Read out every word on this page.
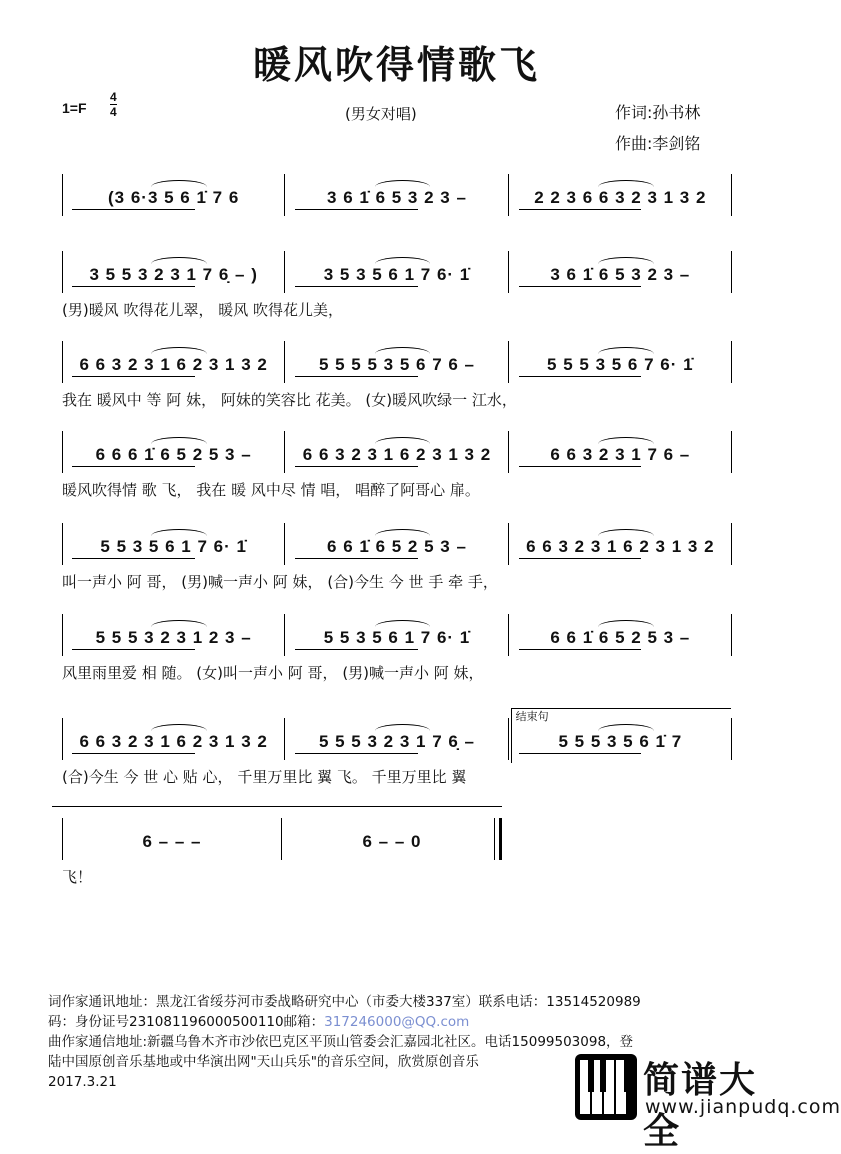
暖风吹得情歌飞
1=F
4
4	(男女对唱)	作词:孙书林
作曲:李剑铭
(3 6·3 5 6 1̇ 7 6	3 6 1̇ 6 5 3 2 3 –	2 2 3 6 6 3 2 3 1 3 2
3 5 5 3 2 3 1 7 6̣ – )	3 5 3 5 6 1 7 6· 1̇	3 6 1̇ 6 5 3 2 3 –
(男)暖风 吹得花儿翠， 暖风 吹得花儿美，
6 6 3 2 3 1 6 2 3 1 3 2	5 5 5 5 3 5 6 7 6 –	5 5 5 3 5 6 7 6· 1̇
我在 暖风中 等 阿 妹， 阿妹的笑容比 花美。 (女)暖风吹绿一 江水，
6 6 6 1̇ 6 5 2 5 3 –	6 6 3 2 3 1 6 2 3 1 3 2	6 6 3 2 3 1 7 6 –
暖风吹得情 歌 飞， 我在 暖 风中尽 情 唱， 唱醉了阿哥心 扉。
5 5 3 5 6 1 7 6· 1̇	6 6 1̇ 6 5 2 5 3 –	6 6 3 2 3 1 6 2 3 1 3 2
叫一声小 阿 哥， (男)喊一声小 阿 妹， (合)今生 今 世 手 牵 手，
5 5 5 3 2 3 1 2 3 –	5 5 3 5 6 1 7 6· 1̇	6 6 1̇ 6 5 2 5 3 –
风里雨里爱 相 随。 (女)叫一声小 阿 哥， (男)喊一声小 阿 妹，
6 6 3 2 3 1 6 2 3 1 3 2	5 5 5 3 2 3 1 7 6̣ –	5 5 5 3 5 6 1̇ 7
(合)今生 今 世 心 贴 心， 千里万里比 翼 飞。 千里万里比 翼
结束句
6 – – –	6 – – 0
飞！
词作家通讯地址：黑龙江省绥芬河市委战略研究中心（市委大楼337室）联系电话：13514520989
码：身份证号231081196000500110邮箱：317246000@QQ.com
曲作家通信地址:新疆乌鲁木齐市沙依巴克区平顶山管委会汇嘉园北社区。电话15099503098，登
陆中国原创音乐基地或中华演出网"天山兵乐"的音乐空间，欣赏原创音乐
2017.3.21	简谱大全
www.jianpudq.com
